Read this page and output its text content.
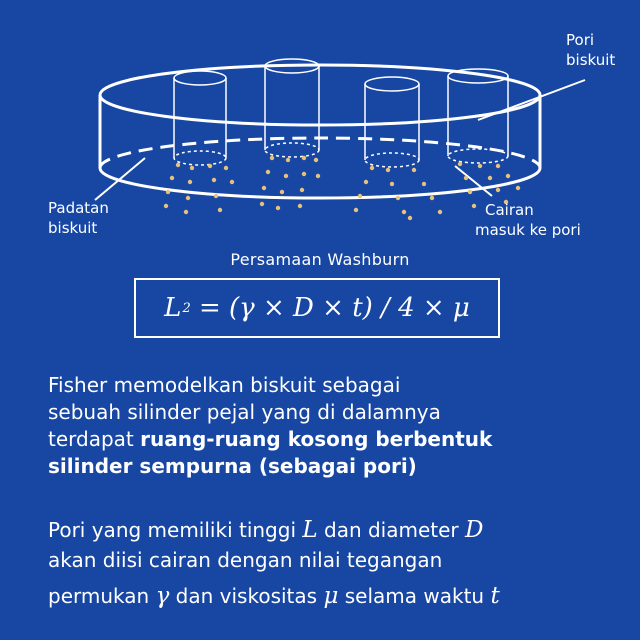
Pori
biskuit
Padatan
biskuit
Cairan
masuk ke pori
Persamaan Washburn
L 2
= (γ × D × t) / 4 × μ
Fisher memodelkan biskuit sebagai
sebuah silinder pejal yang di dalamnya
terdapat ruang-ruang kosong berbentuk
silinder sempurna (sebagai pori)
Pori yang memiliki tinggi L dan diameter D
akan diisi cairan dengan nilai tegangan
permukan γ dan viskositas μ selama waktu t
